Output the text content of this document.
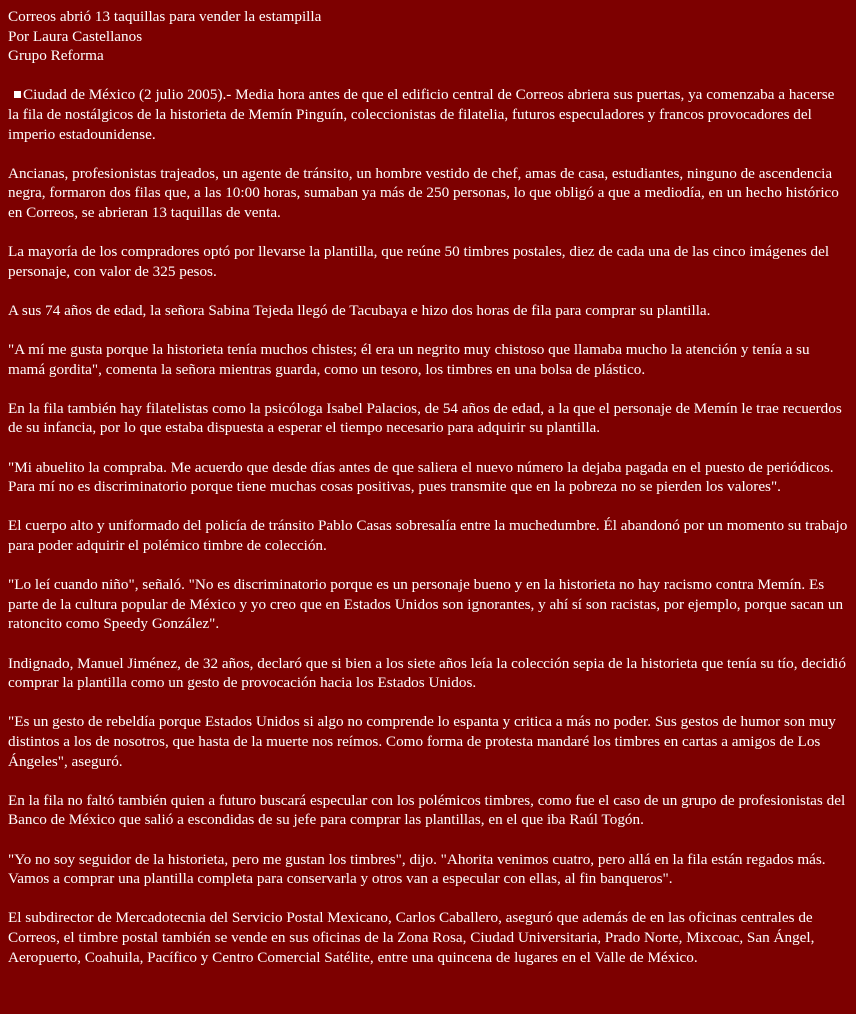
Correos abrió 13 taquillas para vender la estampilla
Por Laura Castellanos
Grupo Reforma
Ciudad de México (2 julio 2005).- Media hora antes de que el edificio central de Correos abriera sus puertas, ya comenzaba a hacerse la fila de nostálgicos de la historieta de Memín Pinguín, coleccionistas de filatelia, futuros especuladores y francos provocadores del imperio estadounidense.

Ancianas, profesionistas trajeados, un agente de tránsito, un hombre vestido de chef, amas de casa, estudiantes, ninguno de ascendencia negra, formaron dos filas que, a las 10:00 horas, sumaban ya más de 250 personas, lo que obligó a que a mediodía, en un hecho histórico en Correos, se abrieran 13 taquillas de venta.

La mayoría de los compradores optó por llevarse la plantilla, que reúne 50 timbres postales, diez de cada una de las cinco imágenes del personaje, con valor de 325 pesos.

A sus 74 años de edad, la señora Sabina Tejeda llegó de Tacubaya e hizo dos horas de fila para comprar su plantilla.

"A mí me gusta porque la historieta tenía muchos chistes; él era un negrito muy chistoso que llamaba mucho la atención y tenía a su mamá gordita", comenta la señora mientras guarda, como un tesoro, los timbres en una bolsa de plástico.

En la fila también hay filatelistas como la psicóloga Isabel Palacios, de 54 años de edad, a la que el personaje de Memín le trae recuerdos de su infancia, por lo que estaba dispuesta a esperar el tiempo necesario para adquirir su plantilla.

"Mi abuelito la compraba. Me acuerdo que desde días antes de que saliera el nuevo número la dejaba pagada en el puesto de periódicos. Para mí no es discriminatorio porque tiene muchas cosas positivas, pues transmite que en la pobreza no se pierden los valores".

El cuerpo alto y uniformado del policía de tránsito Pablo Casas sobresalía entre la muchedumbre. Él abandonó por un momento su trabajo para poder adquirir el polémico timbre de colección.

"Lo leí cuando niño", señaló. "No es discriminatorio porque es un personaje bueno y en la historieta no hay racismo contra Memín. Es parte de la cultura popular de México y yo creo que en Estados Unidos son ignorantes, y ahí sí son racistas, por ejemplo, porque sacan un ratoncito como Speedy González".

Indignado, Manuel Jiménez, de 32 años, declaró que si bien a los siete años leía la colección sepia de la historieta que tenía su tío, decidió comprar la plantilla como un gesto de provocación hacia los Estados Unidos.

"Es un gesto de rebeldía porque Estados Unidos si algo no comprende lo espanta y critica a más no poder. Sus gestos de humor son muy distintos a los de nosotros, que hasta de la muerte nos reímos. Como forma de protesta mandaré los timbres en cartas a amigos de Los Ángeles", aseguró.

En la fila no faltó también quien a futuro buscará especular con los polémicos timbres, como fue el caso de un grupo de profesionistas del Banco de México que salió a escondidas de su jefe para comprar las plantillas, en el que iba Raúl Togón.

"Yo no soy seguidor de la historieta, pero me gustan los timbres", dijo. "Ahorita venimos cuatro, pero allá en la fila están regados más. Vamos a comprar una plantilla completa para conservarla y otros van a especular con ellas, al fin banqueros".

El subdirector de Mercadotecnia del Servicio Postal Mexicano, Carlos Caballero, aseguró que además de en las oficinas centrales de Correos, el timbre postal también se vende en sus oficinas de la Zona Rosa, Ciudad Universitaria, Prado Norte, Mixcoac, San Ángel, Aeropuerto, Coahuila, Pacífico y Centro Comercial Satélite, entre una quincena de lugares en el Valle de México.
